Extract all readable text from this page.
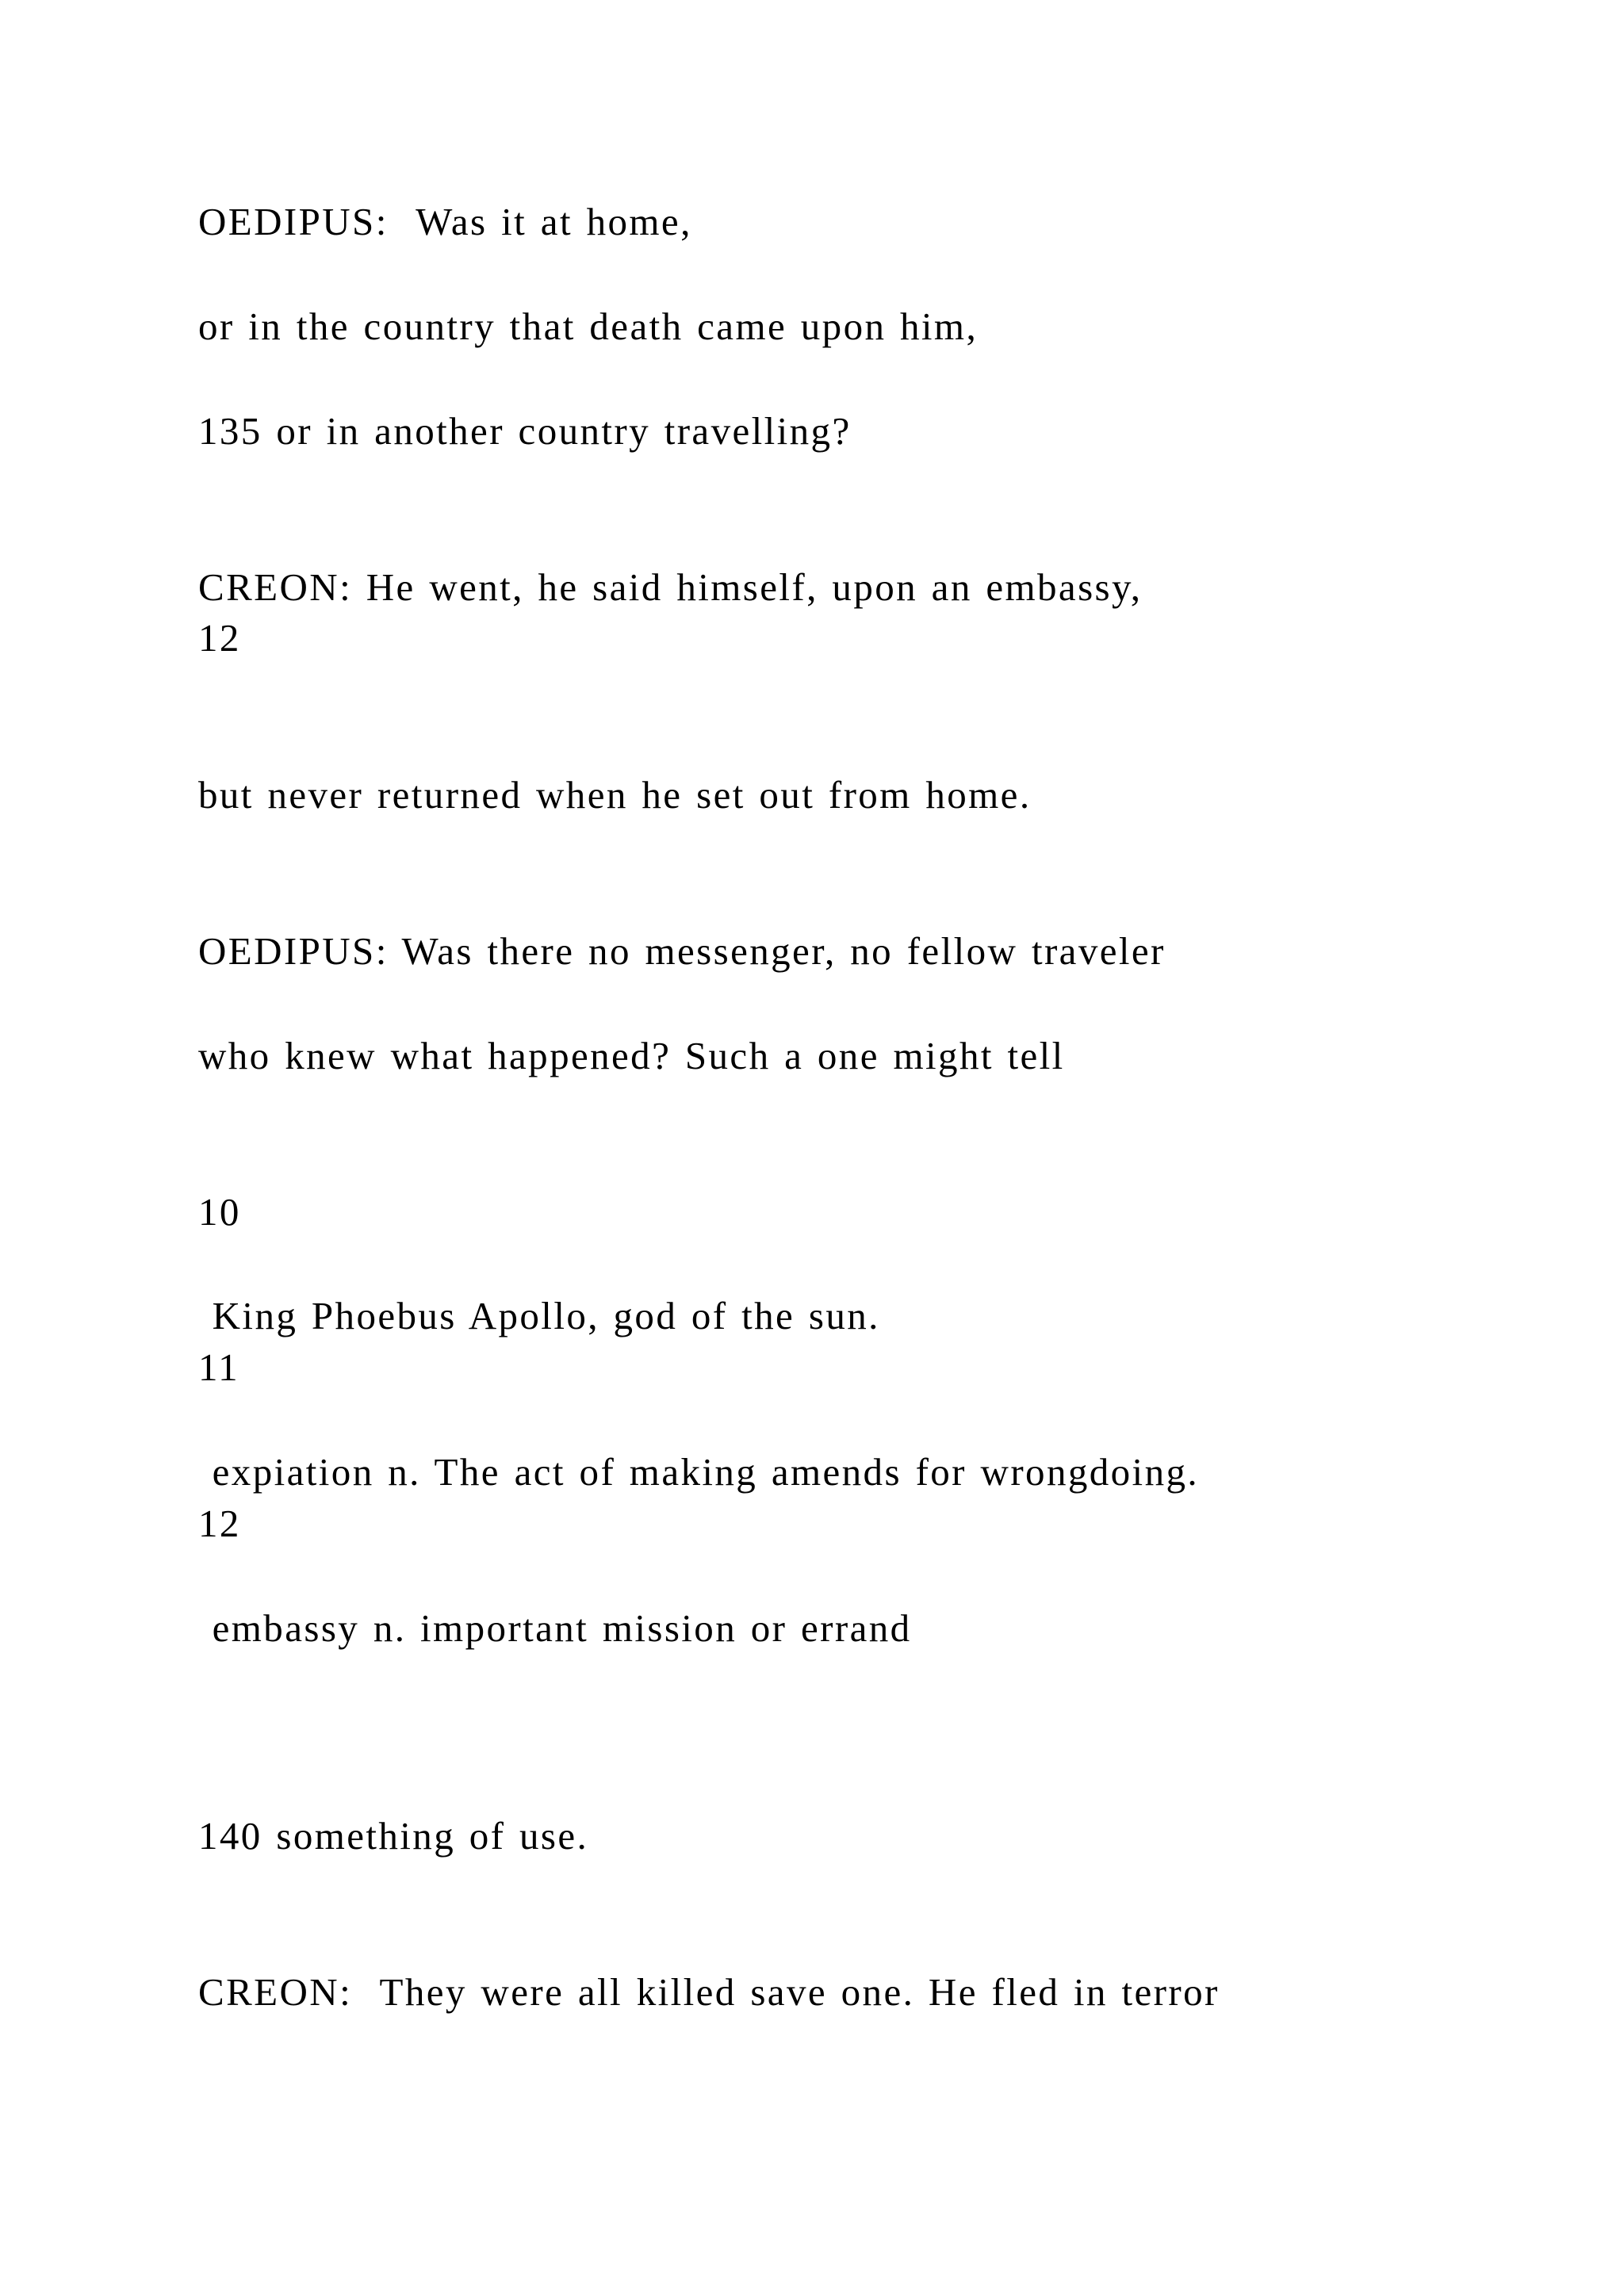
OEDIPUS:  Was it at home,

or in the country that death came upon him,

135 or in another country travelling?

CREON: He went, he said himself, upon an embassy,

12

but never returned when he set out from home.

OEDIPUS: Was there no messenger, no fellow traveler

who knew what happened? Such a one might tell

10

King Phoebus Apollo, god of the sun.

11

expiation n. The act of making amends for wrongdoing.

12

embassy n. important mission or errand

140 something of use.

CREON:  They were all killed save one. He fled in terror
